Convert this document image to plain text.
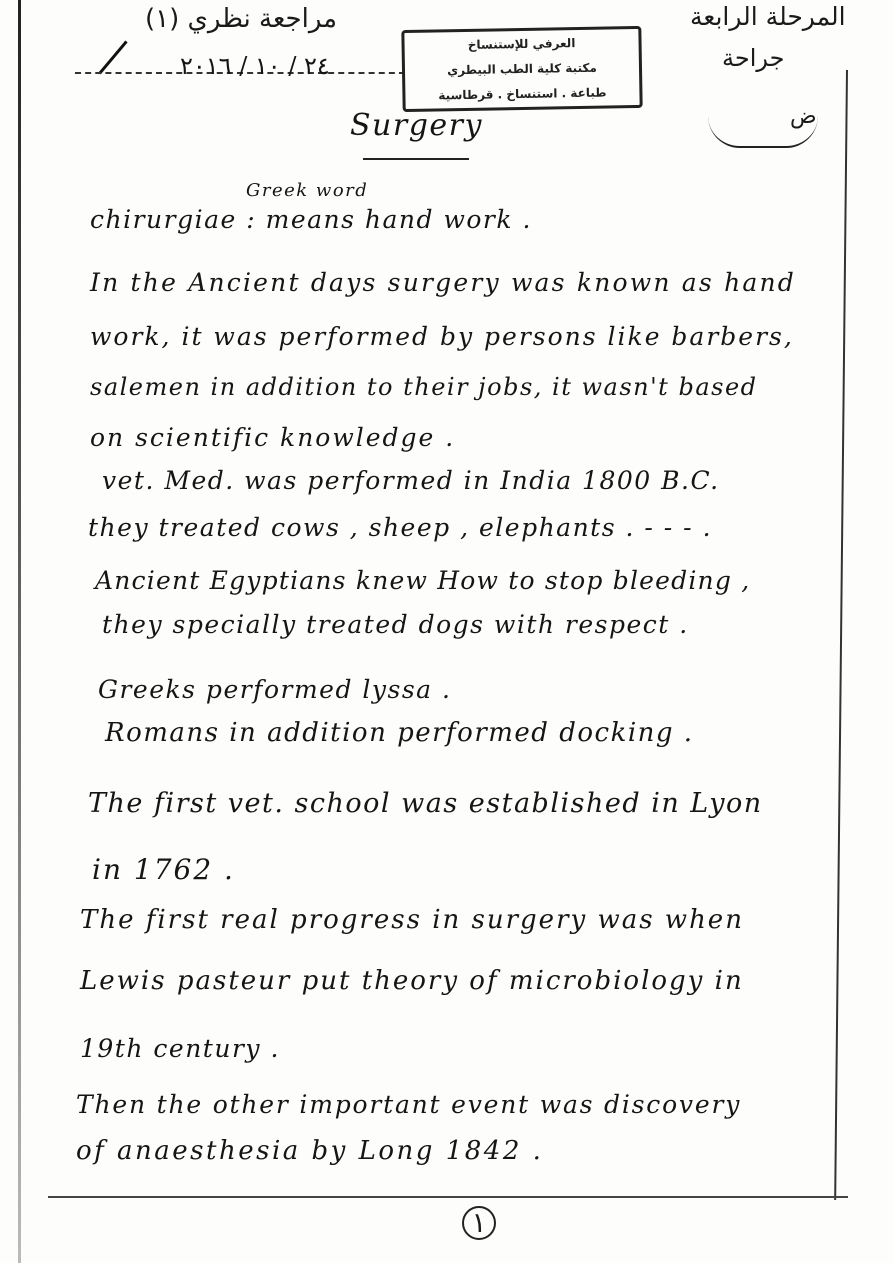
مراجعة نظري (١)
٢٤ / ١٠ / ٢٠١٦
العرفي للإستنساخ
مكتبة كلية الطب البيطري
طباعة . استنساخ . قرطاسية
المرحلة الرابعة
جراحة
ض
Surgery
Greek word
chirurgiae : means hand work .
In the Ancient days surgery was known as hand
work, it was performed by persons like barbers,
salemen in addition to their jobs, it wasn't based
on scientific knowledge .
vet. Med. was performed in India 1800 B.C.
they treated cows , sheep , elephants . - - - .
Ancient Egyptians knew How to stop bleeding ,
they specially treated dogs with respect .
Greeks performed lyssa .
Romans in addition performed docking .
The first vet. school was established in Lyon
in 1762 .
The first real progress in surgery was when
Lewis pasteur put theory of microbiology in
19th century .
Then the other important event was discovery
of anaesthesia by Long 1842 .
١
